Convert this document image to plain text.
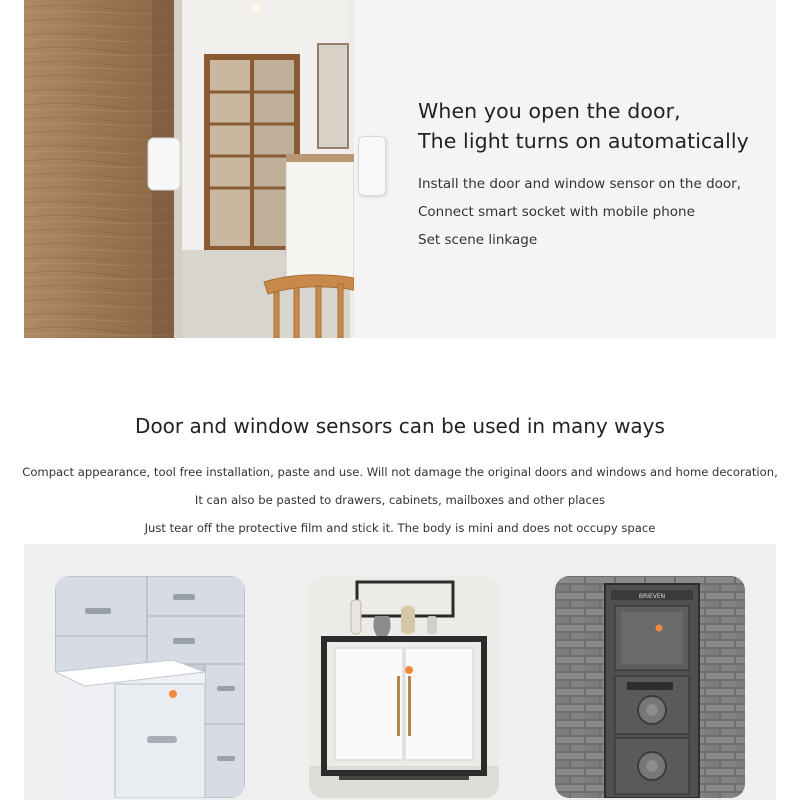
When you open the door,
The light turns on automatically
Install the door and window sensor on the door,
Connect smart socket with mobile phone
Set scene linkage
Door and window sensors can be used in many ways

Compact appearance, tool free installation, paste and use. Will not damage the original doors and windows and home decoration,

It can also be pasted to drawers, cabinets, mailboxes and other places

Just tear off the protective film and stick it. The body is mini and does not occupy space

BRIEVEN
